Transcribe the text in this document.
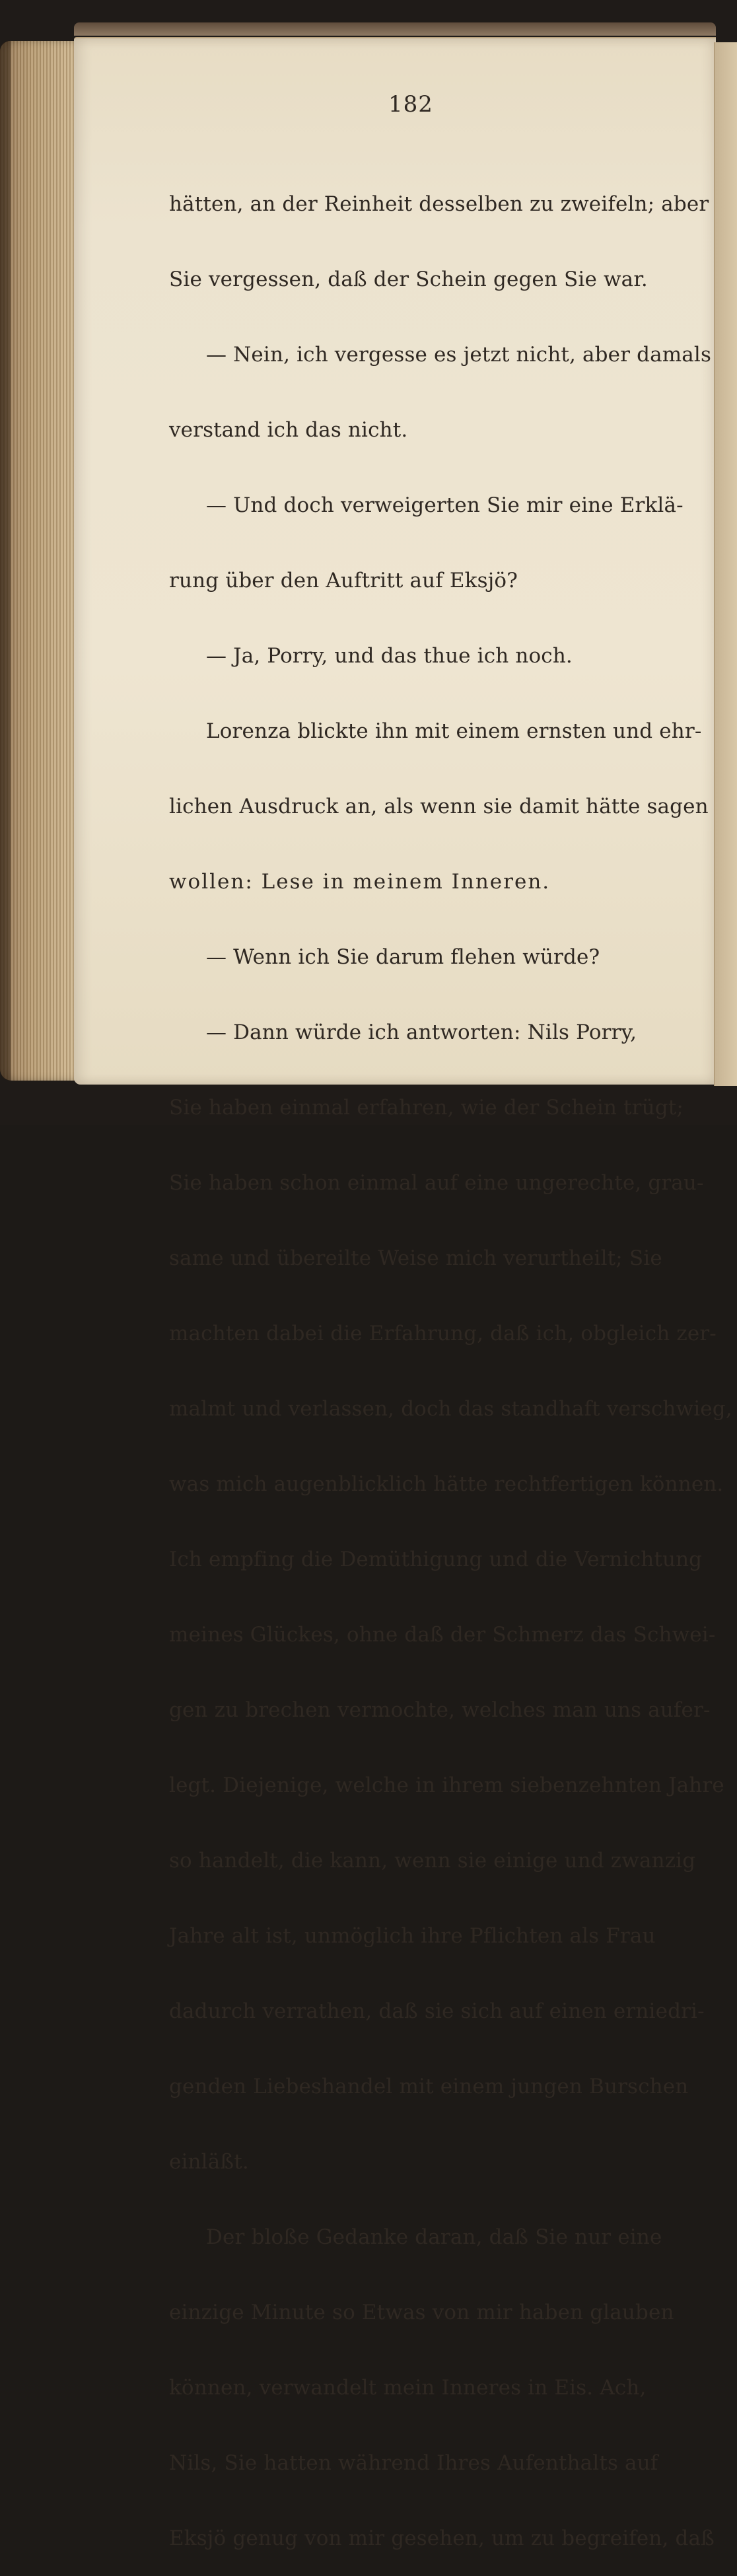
182

hätten, an der Reinheit desselben zu zweifeln; aber

Sie vergessen, daß der Schein gegen Sie war.

— Nein, ich vergesse es jetzt nicht, aber damals

verstand ich das nicht.

— Und doch verweigerten Sie mir eine Erklä-

rung über den Auftritt auf Eksjö?

— Ja, Porry, und das thue ich noch.

Lorenza blickte ihn mit einem ernsten und ehr-

lichen Ausdruck an, als wenn sie damit hätte sagen

wollen: Lese in meinem Inneren.

— Wenn ich Sie darum flehen würde?

— Dann würde ich antworten: Nils Porry,

Sie haben einmal erfahren, wie der Schein trügt;

Sie haben schon einmal auf eine ungerechte, grau-

same und übereilte Weise mich verurtheilt; Sie

machten dabei die Erfahrung, daß ich, obgleich zer-

malmt und verlassen, doch das standhaft verschwieg,

was mich augenblicklich hätte rechtfertigen können.

Ich empfing die Demüthigung und die Vernichtung

meines Glückes, ohne daß der Schmerz das Schwei-

gen zu brechen vermochte, welches man uns aufer-

legt. Diejenige, welche in ihrem siebenzehnten Jahre

so handelt, die kann, wenn sie einige und zwanzig

Jahre alt ist, unmöglich ihre Pflichten als Frau

dadurch verrathen, daß sie sich auf einen erniedri-

genden Liebeshandel mit einem jungen Burschen

einläßt.

Der bloße Gedanke daran, daß Sie nur eine

einzige Minute so Etwas von mir haben glauben

können, verwandelt mein Inneres in Eis. Ach,

Nils, Sie hatten während Ihres Aufenthalts auf

Eksjö genug von mir gesehen, um zu begreifen, daß
